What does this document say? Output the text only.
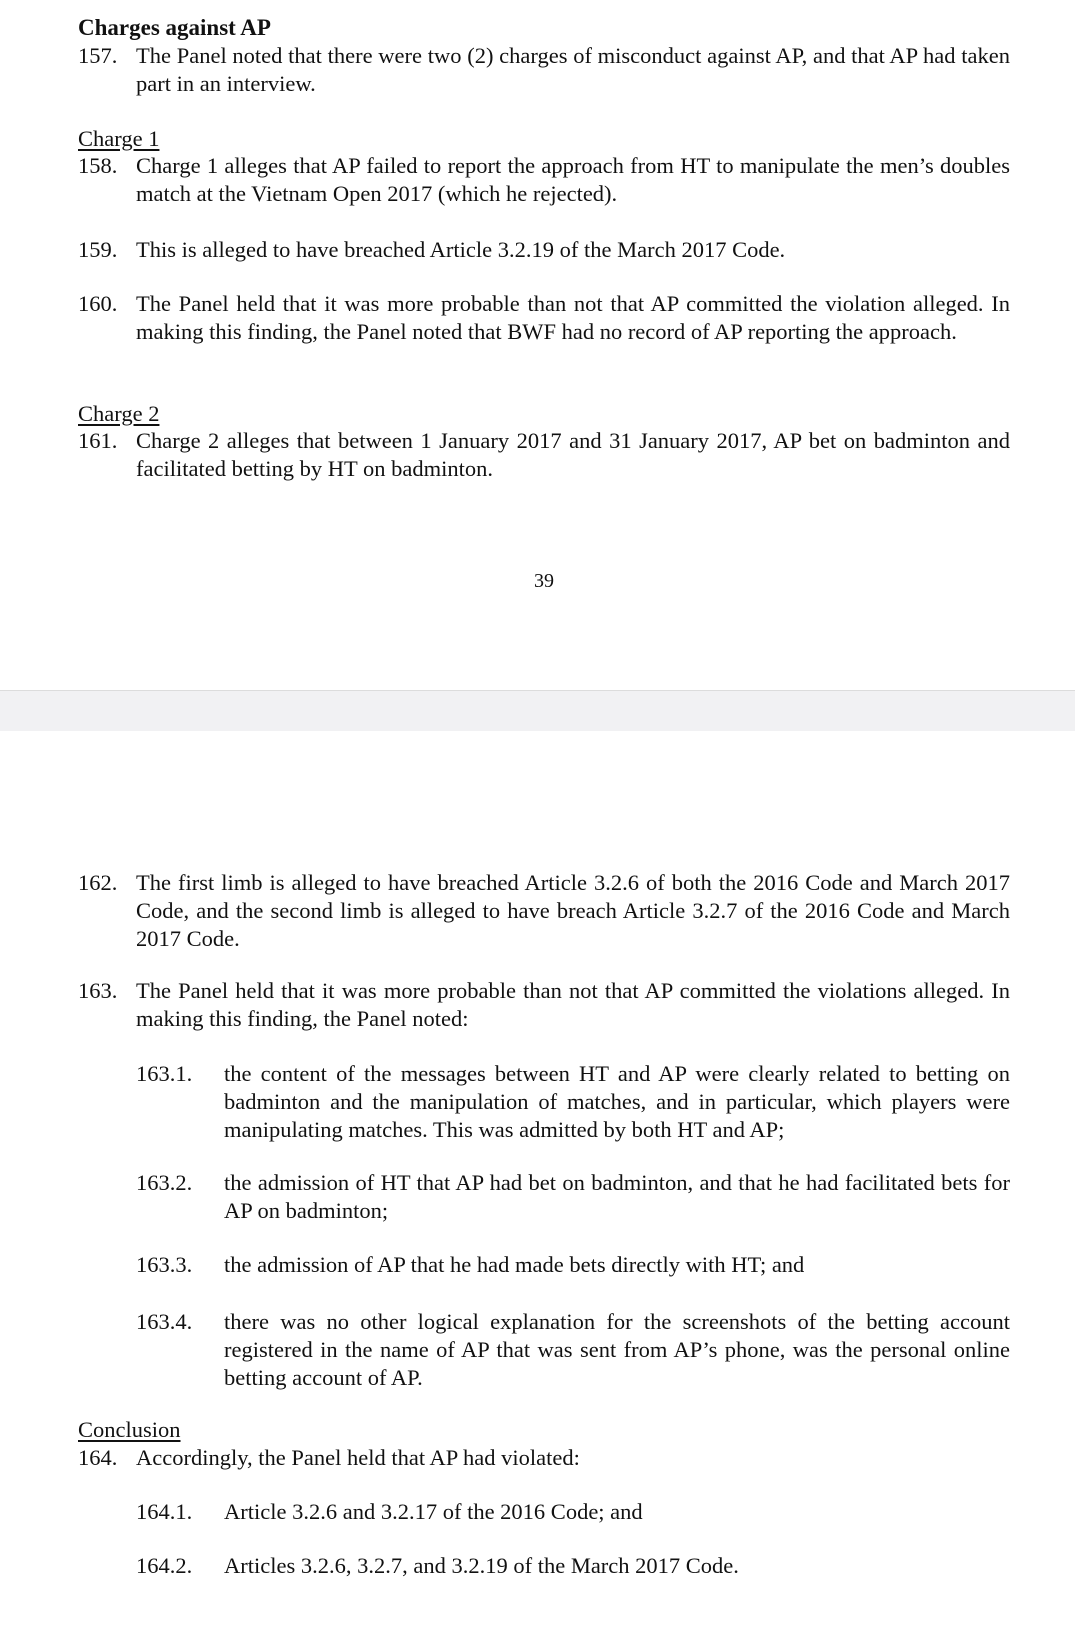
Charges against AP
157. The Panel noted that there were two (2) charges of misconduct against AP, and that AP had taken part in an interview.
Charge 1
158. Charge 1 alleges that AP failed to report the approach from HT to manipulate the men’s doubles match at the Vietnam Open 2017 (which he rejected).
159. This is alleged to have breached Article 3.2.19 of the March 2017 Code.
160. The Panel held that it was more probable than not that AP committed the violation alleged. In making this finding, the Panel noted that BWF had no record of AP reporting the approach.
Charge 2
161. Charge 2 alleges that between 1 January 2017 and 31 January 2017, AP bet on badminton and facilitated betting by HT on badminton.
39
162. The first limb is alleged to have breached Article 3.2.6 of both the 2016 Code and March 2017 Code, and the second limb is alleged to have breach Article 3.2.7 of the 2016 Code and March 2017 Code.
163. The Panel held that it was more probable than not that AP committed the violations alleged. In making this finding, the Panel noted:
163.1.	the content of the messages between HT and AP were clearly related to betting on badminton and the manipulation of matches, and in particular, which players were manipulating matches. This was admitted by both HT and AP;
163.2.	the admission of HT that AP had bet on badminton, and that he had facilitated bets for AP on badminton;
163.3.	the admission of AP that he had made bets directly with HT; and
163.4.	there was no other logical explanation for the screenshots of the betting account registered in the name of AP that was sent from AP’s phone, was the personal online betting account of AP.
Conclusion
164. Accordingly, the Panel held that AP had violated:
164.1.	Article 3.2.6 and 3.2.17 of the 2016 Code; and
164.2.	Articles 3.2.6, 3.2.7, and 3.2.19 of the March 2017 Code.
